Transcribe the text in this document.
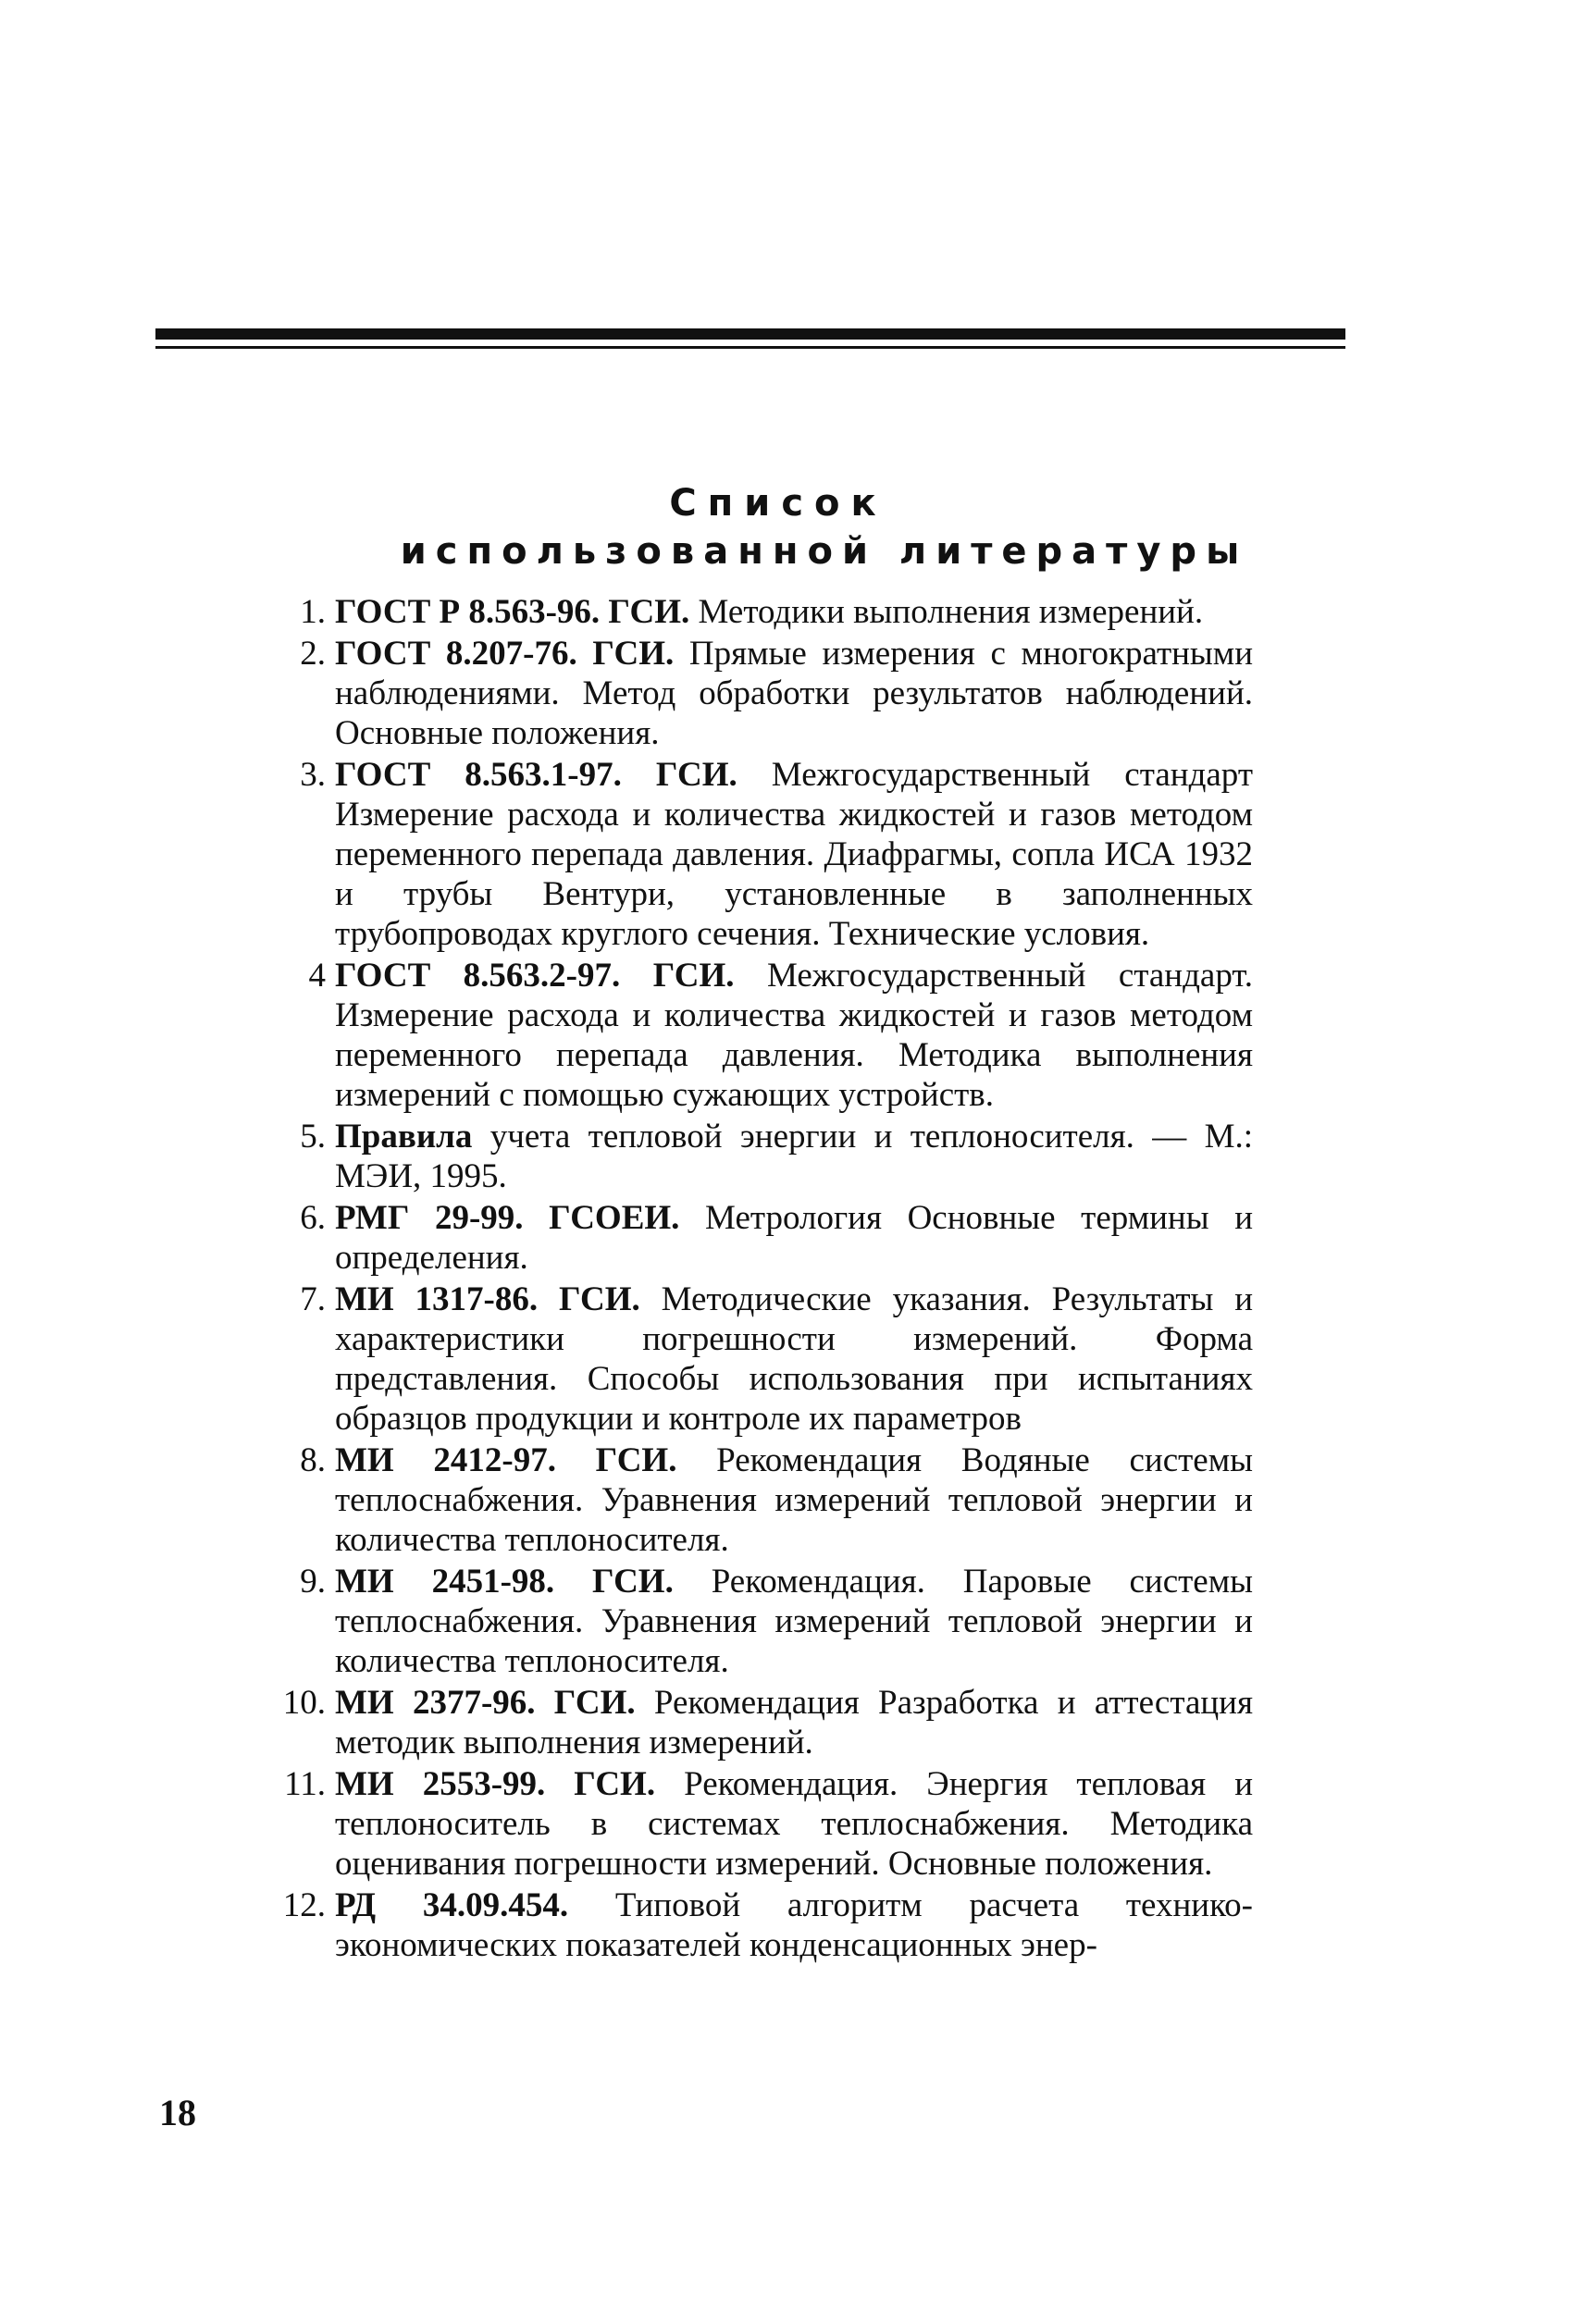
Список
использованной литературы
1. ГОСТ Р 8.563-96. ГСИ. Методики выполнения измерений.
2. ГОСТ 8.207-76. ГСИ. Прямые измерения с многократными наблюдениями. Метод обработки результатов наблюдений. Основные положения.
3. ГОСТ 8.563.1-97. ГСИ. Межгосударственный стандарт Измерение расхода и количества жидкостей и газов методом переменного перепада давления. Диафрагмы, сопла ИСА 1932 и трубы Вентури, установленные в заполненных трубопроводах круглого сечения. Технические условия.
4 ГОСТ 8.563.2-97. ГСИ. Межгосударственный стандарт. Измерение расхода и количества жидкостей и газов методом переменного перепада давления. Методика выполнения измерений с помощью сужающих устройств.
5. Правила учета тепловой энергии и теплоносителя. — М.: МЭИ, 1995.
6. РМГ 29-99. ГСОЕИ. Метрология Основные термины и определения.
7. МИ 1317-86. ГСИ. Методические указания. Результаты и характеристики погрешности измерений. Форма представления. Способы использования при испытаниях образцов продукции и контроле их параметров
8. МИ 2412-97. ГСИ. Рекомендация Водяные системы теплоснабжения. Уравнения измерений тепловой энергии и количества теплоносителя.
9. МИ 2451-98. ГСИ. Рекомендация. Паровые системы теплоснабжения. Уравнения измерений тепловой энергии и количества теплоносителя.
10. МИ 2377-96. ГСИ. Рекомендация Разработка и аттестация методик выполнения измерений.
11. МИ 2553-99. ГСИ. Рекомендация. Энергия тепловая и теплоноситель в системах теплоснабжения. Методика оценивания погрешности измерений. Основные положения.
12. РД 34.09.454. Типовой алгоритм расчета технико-экономических показателей конденсационных энер-
18
